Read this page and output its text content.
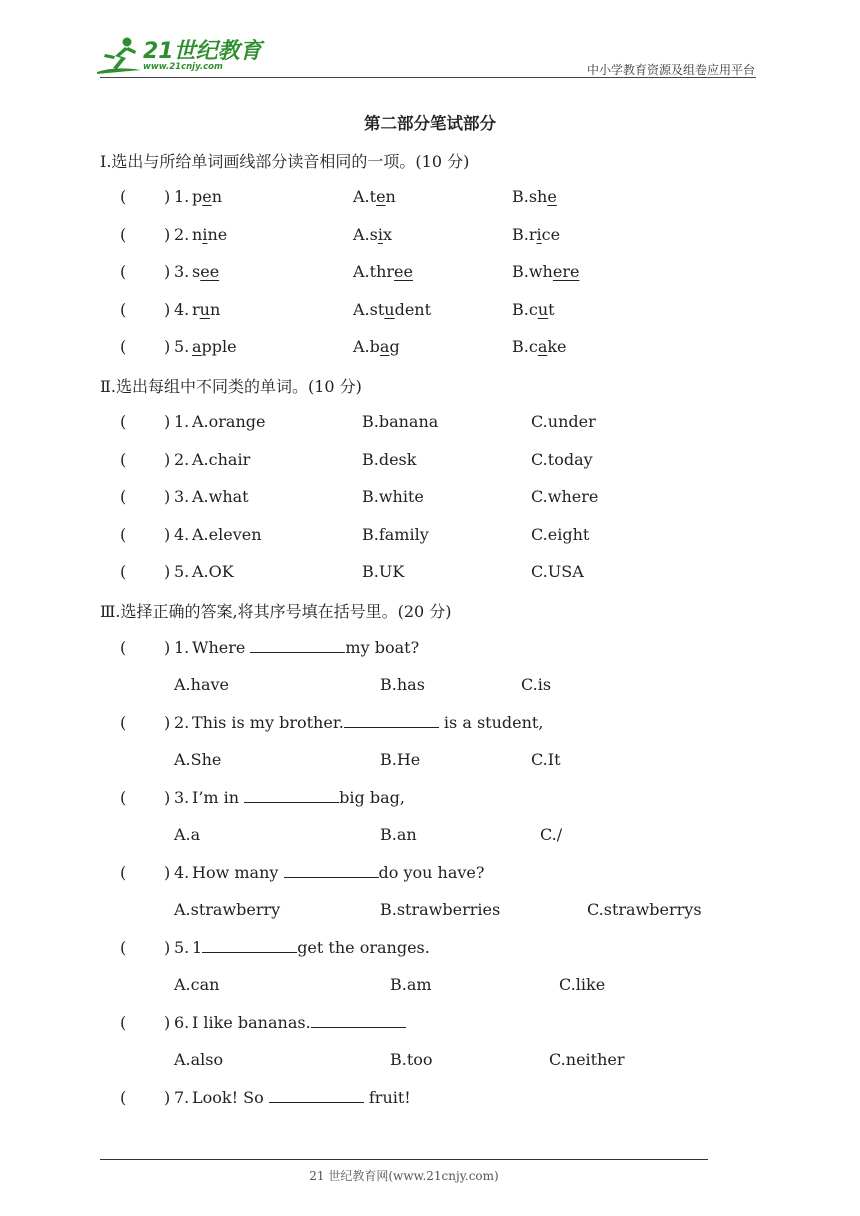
21世纪教育
www.21cnjy.com	中小学教育资源及组卷应用平台
第二部分笔试部分
Ⅰ.选出与所给单词画线部分读音相同的一项。(10 分)
( ) 1. pen	A.ten	B.she
( ) 2. nine	A.six	B.rice
( ) 3. see	A.three	B.where
( ) 4. run	A.student	B.cut
( ) 5. apple	A.bag	B.cake
Ⅱ.选出每组中不同类的单词。(10 分)
( ) 1. A.orange	B.banana	C.under
( ) 2. A.chair	B.desk	C.today
( ) 3. A.what	B.white	C.where
( ) 4. A.eleven	B.family	C.eight
( ) 5. A.OK	B.UK	C.USA
Ⅲ.选择正确的答案,将其序号填在括号里。(20 分)
( ) 1. Where	my boat?
A.have	B.has	C.is
( ) 2. This is my brother.	is a student,
A.She	B.He	C.It
( ) 3. I’m in	big bag,
A.a	B.an	C./
( ) 4. How many	do you have?
A.strawberry	B.strawberries	C.strawberrys
( ) 5. 1	get the oranges.
A.can	B.am	C.like
( ) 6. I like bananas.
A.also	B.too	C.neither
( ) 7. Look! So	fruit!
21 世纪教育网(www.21cnjy.com)
